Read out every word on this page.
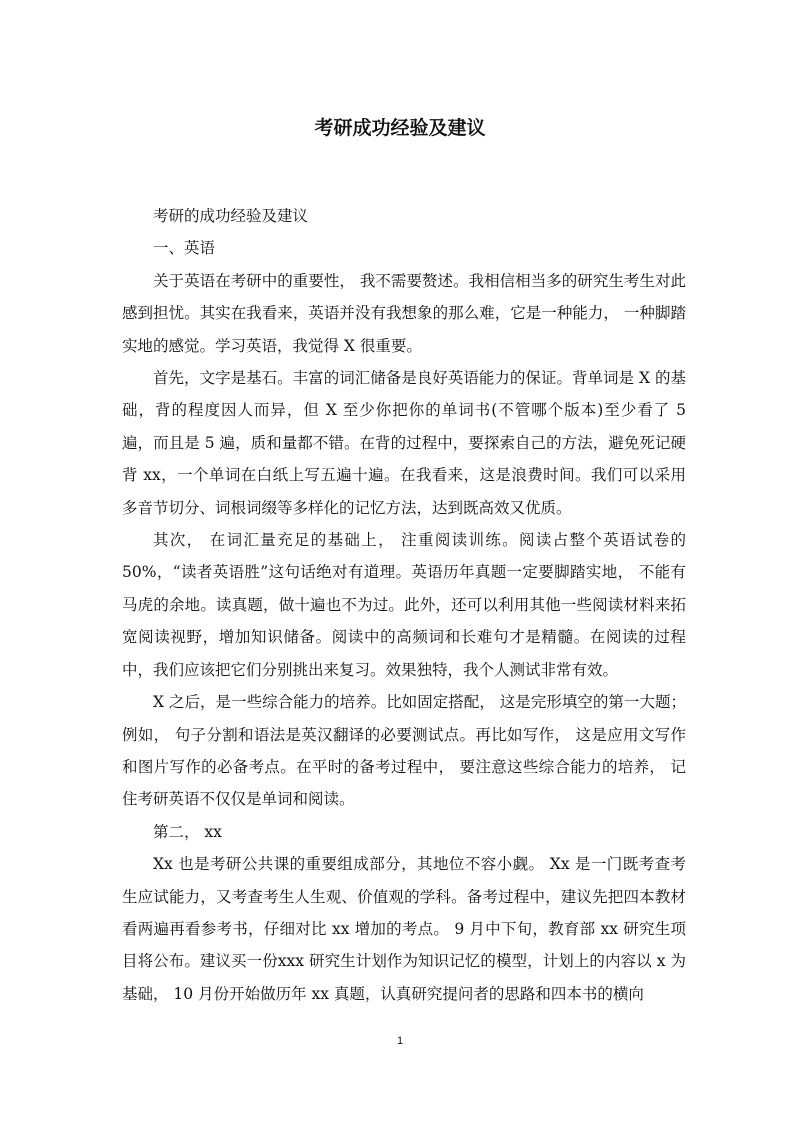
考研成功经验及建议

考研的成功经验及建议

一、英语

关于英语在考研中的重要性， 我不需要赘述。我相信相当多的研究生考生对此感到担忧。其实在我看来，英语并没有我想象的那么难，它是一种能力， 一种脚踏实地的感觉。学习英语，我觉得 X 很重要。

首先，文字是基石。丰富的词汇储备是良好英语能力的保证。背单词是 X 的基础，背的程度因人而异，但 X 至少你把你的单词书(不管哪个版本)至少看了 5 遍，而且是 5 遍，质和量都不错。在背的过程中，要探索自己的方法，避免死记硬背 xx，一个单词在白纸上写五遍十遍。在我看来，这是浪费时间。我们可以采用多音节切分、词根词缀等多样化的记忆方法，达到既高效又优质。

其次， 在词汇量充足的基础上， 注重阅读训练。阅读占整个英语试卷的 50%，“读者英语胜”这句话绝对有道理。英语历年真题一定要脚踏实地， 不能有马虎的余地。读真题，做十遍也不为过。此外，还可以利用其他一些阅读材料来拓宽阅读视野，增加知识储备。阅读中的高频词和长难句才是精髓。在阅读的过程中，我们应该把它们分别挑出来复习。效果独特，我个人测试非常有效。

X 之后，是一些综合能力的培养。比如固定搭配， 这是完形填空的第一大题；例如， 句子分割和语法是英汉翻译的必要测试点。再比如写作， 这是应用文写作和图片写作的必备考点。在平时的备考过程中， 要注意这些综合能力的培养， 记住考研英语不仅仅是单词和阅读。

第二， xx

Xx 也是考研公共课的重要组成部分，其地位不容小觑。 Xx 是一门既考查考生应试能力，又考查考生人生观、价值观的学科。备考过程中，建议先把四本教材看两遍再看参考书，仔细对比 xx 增加的考点。 9 月中下旬，教育部 xx 研究生项目将公布。建议买一份xxx 研究生计划作为知识记忆的模型，计划上的内容以 x 为基础， 10 月份开始做历年 xx 真题，认真研究提问者的思路和四本书的横向

1
